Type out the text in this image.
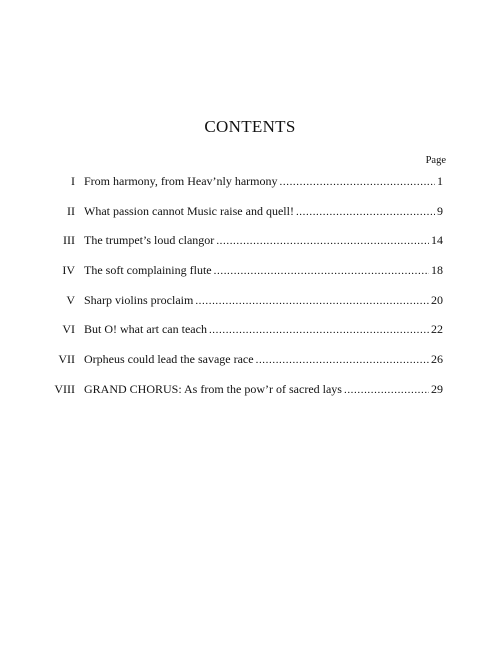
CONTENTS
Page
I From harmony, from Heav’nly harmony .....	1
II What passion cannot Music raise and quell! .....	9
III The trumpet’s loud clangor .....	14
IV The soft complaining flute .....	18
V Sharp violins proclaim .....	20
VI But O! what art can teach .....	22
VII Orpheus could lead the savage race .....	26
VIII GRAND CHORUS: As from the pow’r of sacred lays .....	29
